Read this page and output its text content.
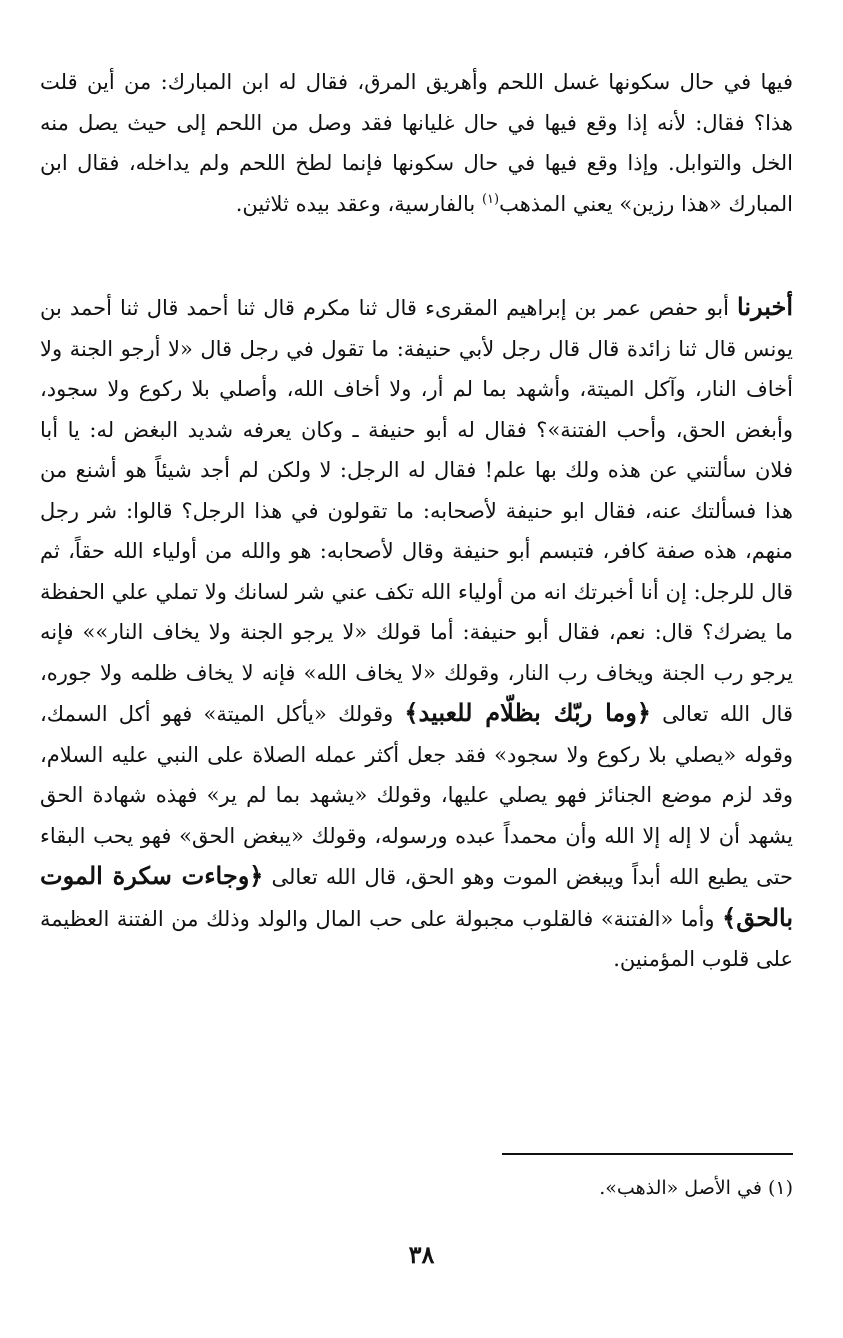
فيها في حال سكونها غسل اللحم وأهريق المرق، فقال له ابن المبارك: من أين قلت هذا؟ فقال: لأنه إذا وقع فيها في حال غليانها فقد وصل من اللحم إلى حيث يصل منه الخل والتوابل. وإذا وقع فيها في حال سكونها فإنما لطخ اللحم ولم يداخله، فقال ابن المبارك «هذا رزين» يعني المذهب$^{(١)}$ بالفارسية، وعقد بيده ثلاثين.

أخبرنا أبو حفص عمر بن إبراهيم المقرىء قال ثنا مكرم قال ثنا أحمد قال ثنا أحمد بن يونس قال ثنا زائدة قال قال رجل لأبي حنيفة: ما تقول في رجل قال «لا أرجو الجنة ولا أخاف النار، وآكل الميتة، وأشهد بما لم أر، ولا أخاف الله، وأصلي بلا ركوع ولا سجود، وأبغض الحق، وأحب الفتنة»؟ فقال له أبو حنيفة ـ وكان يعرفه شديد البغض له: يا أبا فلان سألتني عن هذه ولك بها علم! فقال له الرجل: لا ولكن لم أجد شيئاً هو أشنع من هذا فسألتك عنه، فقال ابو حنيفة لأصحابه: ما تقولون في هذا الرجل؟ قالوا: شر رجل منهم، هذه صفة كافر، فتبسم أبو حنيفة وقال لأصحابه: هو والله من أولياء الله حقاً، ثم قال للرجل: إن أنا أخبرتك انه من أولياء الله تكف عني شر لسانك ولا تملي علي الحفظة ما يضرك؟ قال: نعم، فقال أبو حنيفة: أما قولك «لا يرجو الجنة ولا يخاف النار»» فإنه يرجو رب الجنة ويخاف رب النار، وقولك «لا يخاف الله» فإنه لا يخاف ظلمه ولا جوره، قال الله تعالى ﴿وما ربّك بظلّام للعبيد﴾ وقولك «يأكل الميتة» فهو أكل السمك، وقوله «يصلي بلا ركوع ولا سجود» فقد جعل أكثر عمله الصلاة على النبي عليه السلام، وقد لزم موضع الجنائز فهو يصلي عليها، وقولك «يشهد بما لم ير» فهذه شهادة الحق يشهد أن لا إله إلا الله وأن محمداً عبده ورسوله، وقولك «يبغض الحق» فهو يحب البقاء حتى يطيع الله أبداً ويبغض الموت وهو الحق، قال الله تعالى ﴿وجاءت سكرة الموت بالحق﴾ وأما «الفتنة» فالقلوب مجبولة على حب المال والولد وذلك من الفتنة العظيمة على قلوب المؤمنين.

(١) في الأصل «الذهب».

٣٨
